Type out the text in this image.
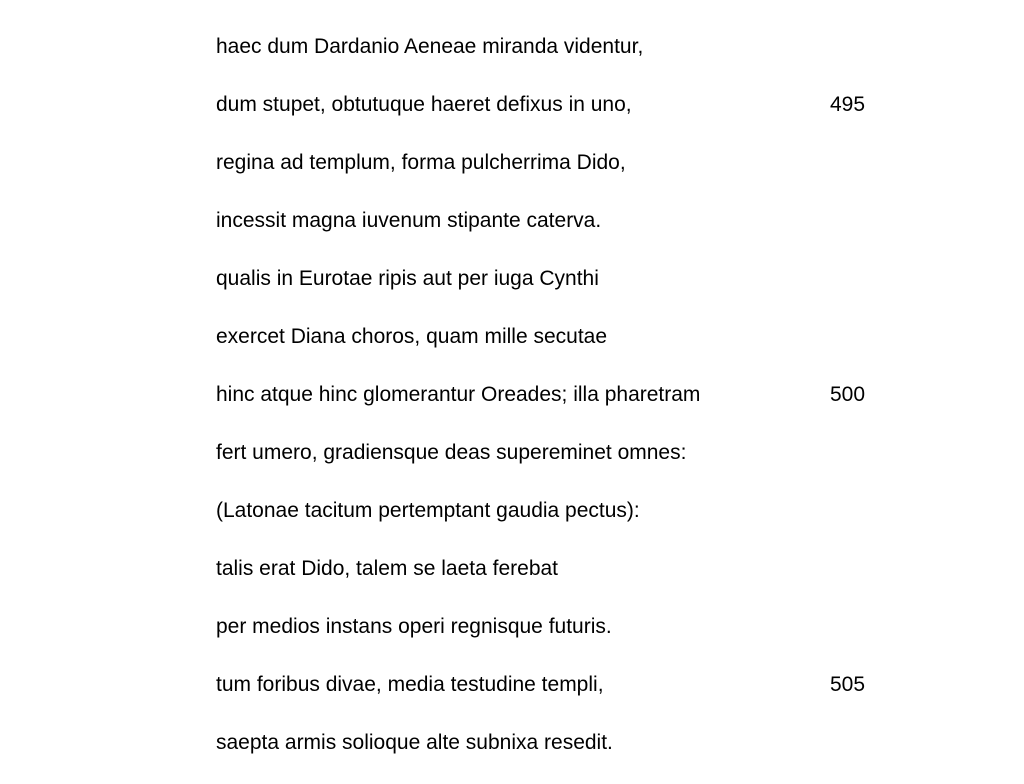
haec dum Dardanio Aeneae miranda videntur,
dum stupet, obtutuque haeret defixus in uno,	495
regina ad templum, forma pulcherrima Dido,
incessit magna iuvenum stipante caterva.
qualis in Eurotae ripis aut per iuga Cynthi
exercet Diana choros, quam mille secutae
hinc atque hinc glomerantur Oreades; illa pharetram	500
fert umero, gradiensque deas supereminet omnes:
(Latonae tacitum pertemptant gaudia pectus):
talis erat Dido, talem se laeta ferebat
per medios instans operi regnisque futuris.
tum foribus divae, media testudine templi,	505
saepta armis solioque alte subnixa resedit.
